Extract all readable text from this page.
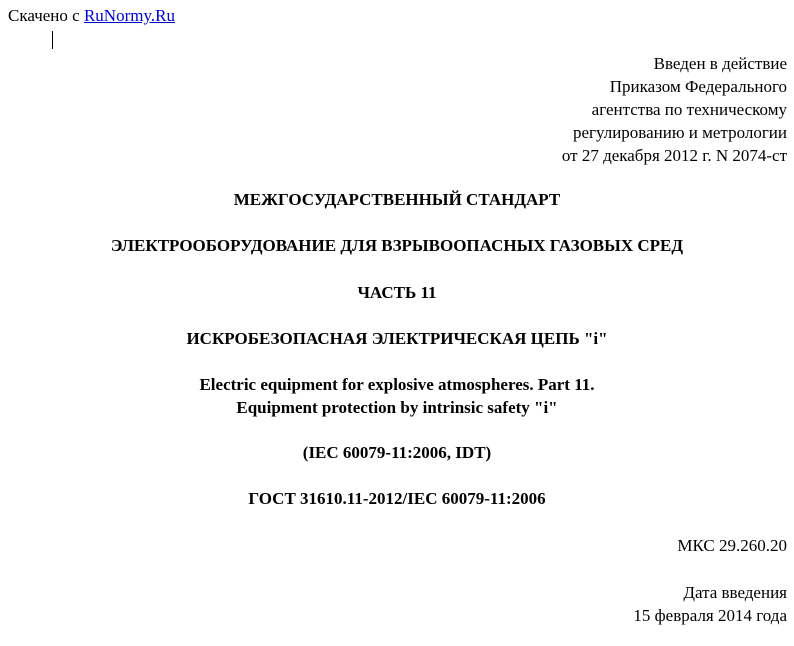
Скачено с RuNormy.Ru
Введен в действие
Приказом Федерального
агентства по техническому
регулированию и метрологии
от 27 декабря 2012 г. N 2074-ст
МЕЖГОСУДАРСТВЕННЫЙ СТАНДАРТ
ЭЛЕКТРООБОРУДОВАНИЕ ДЛЯ ВЗРЫВООПАСНЫХ ГАЗОВЫХ СРЕД
ЧАСТЬ 11
ИСКРОБЕЗОПАСНАЯ ЭЛЕКТРИЧЕСКАЯ ЦЕПЬ "i"
Electric equipment for explosive atmospheres. Part 11.
Equipment protection by intrinsic safety "i"
(IEC 60079-11:2006, IDT)
ГОСТ 31610.11-2012/IEC 60079-11:2006
МКС 29.260.20
Дата введения
15 февраля 2014 года
